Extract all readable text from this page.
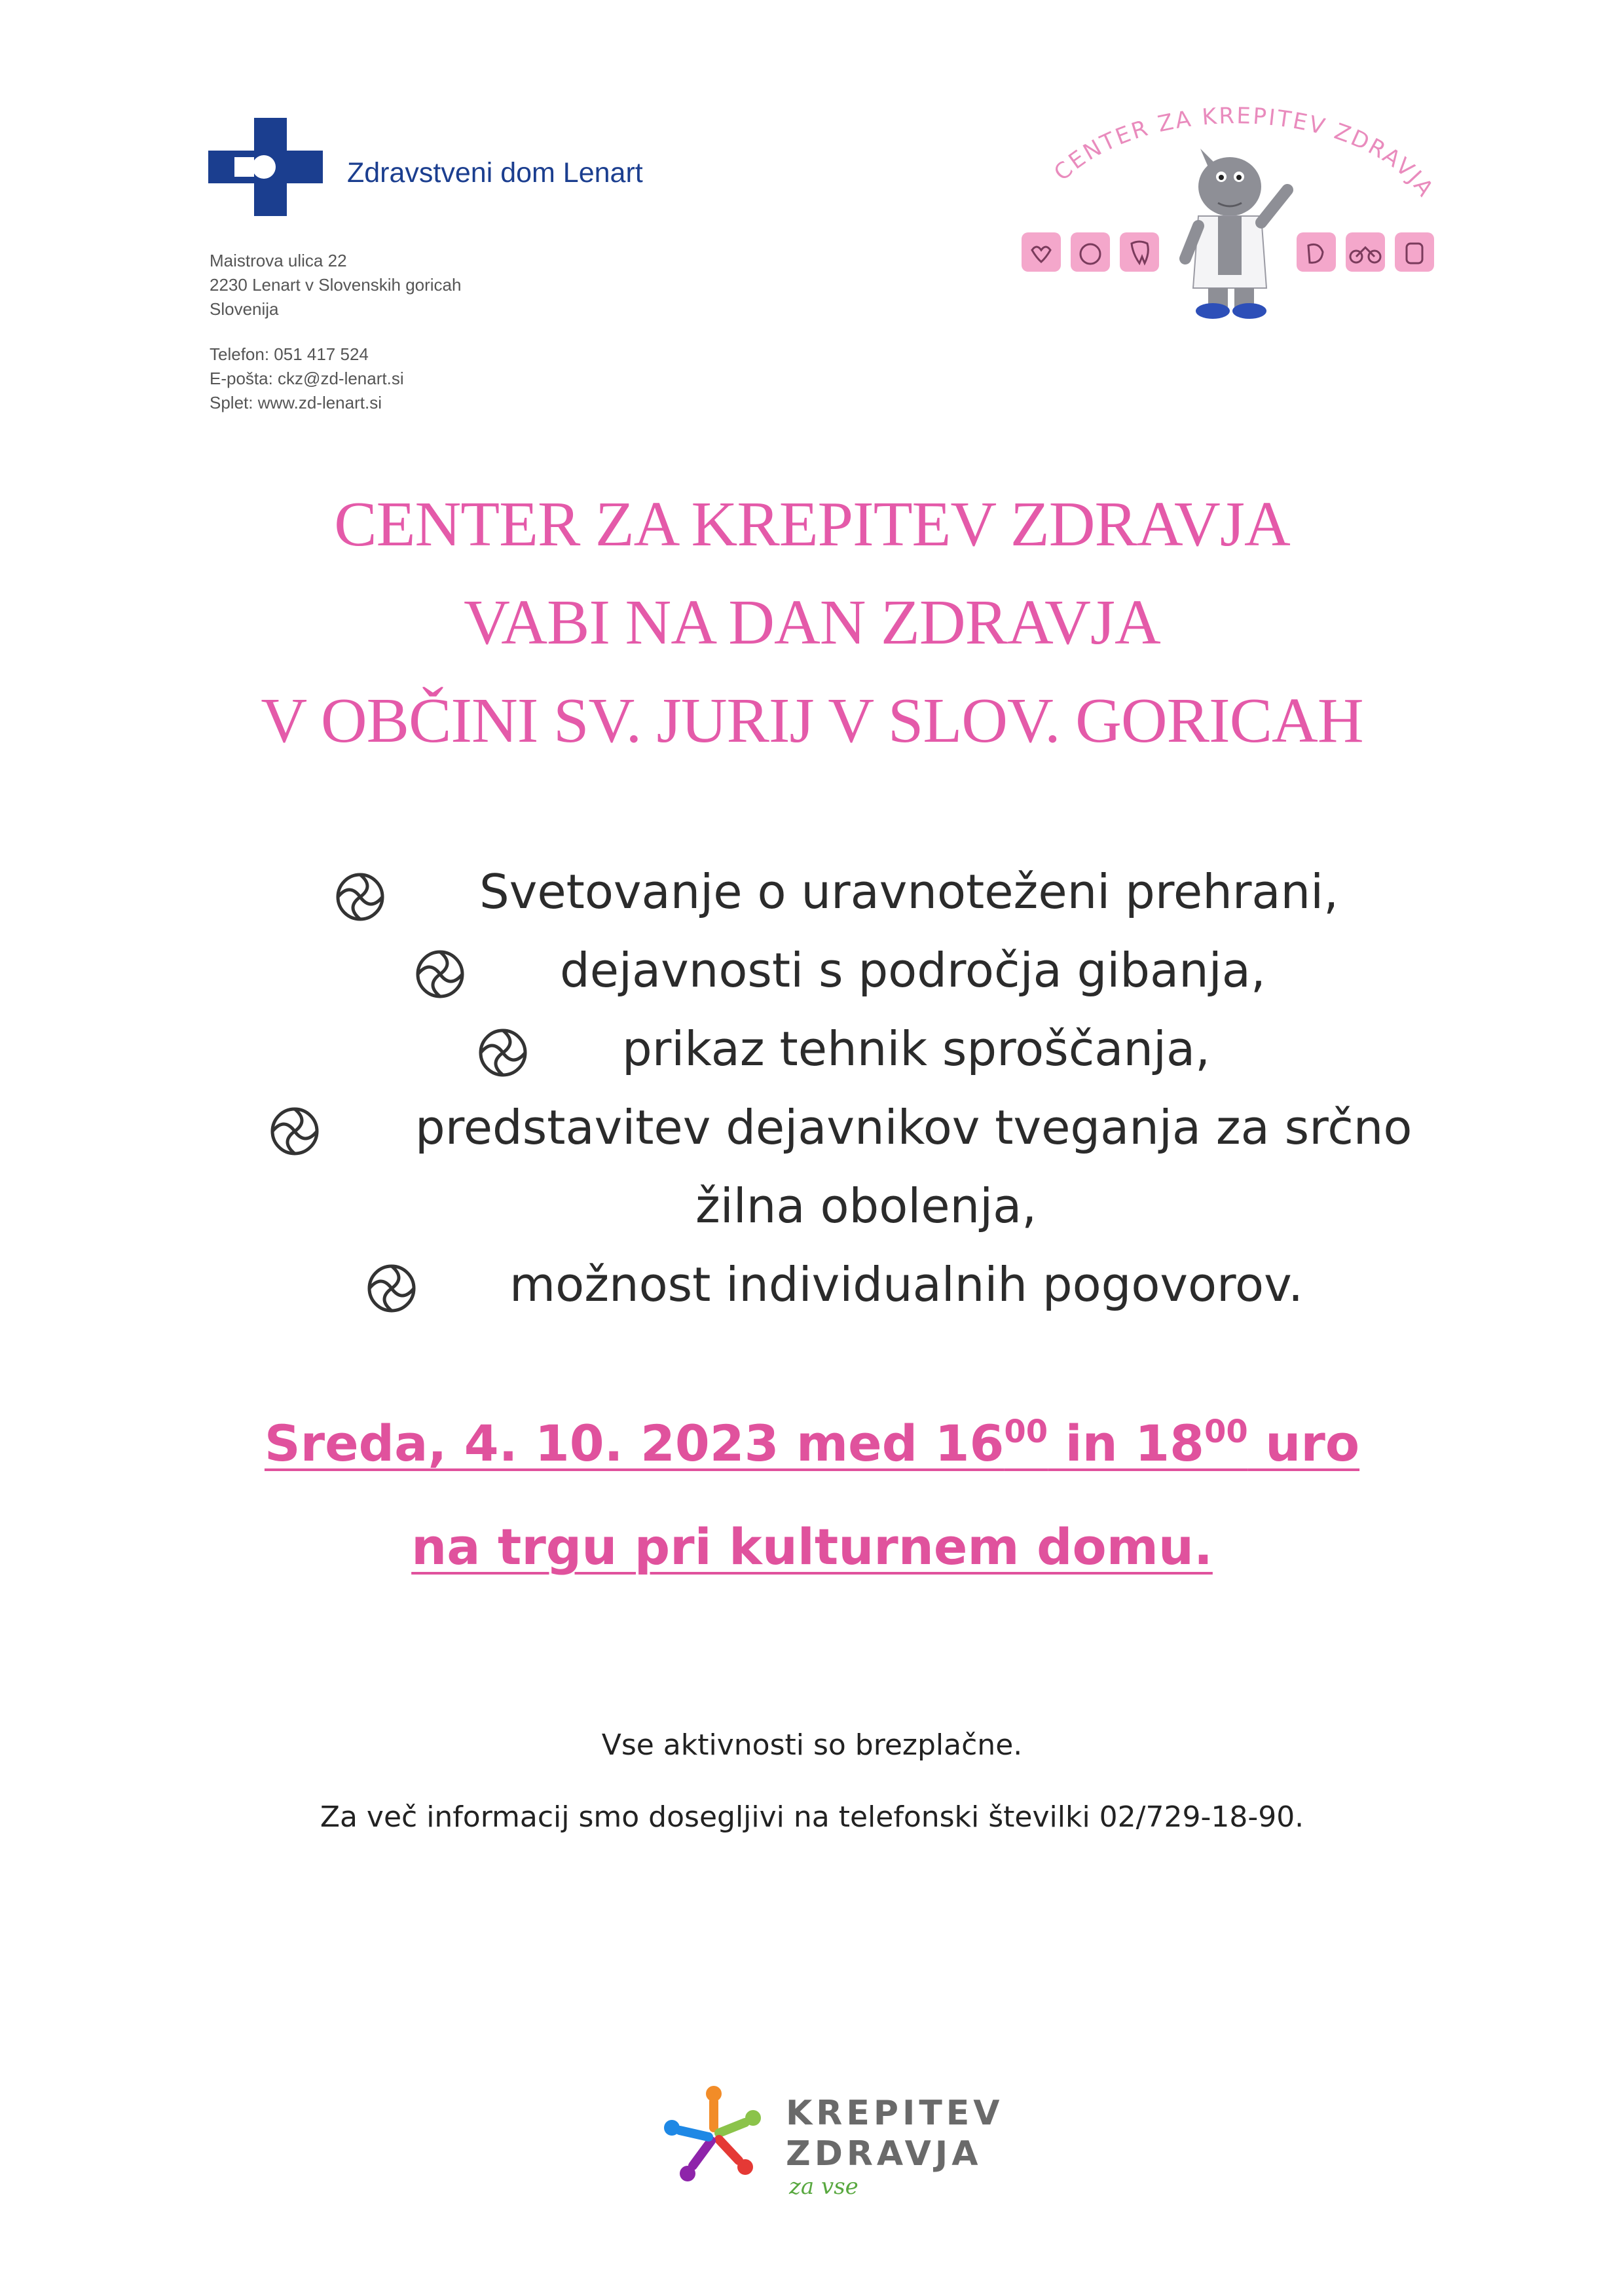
Zdravstveni dom Lenart
Maistrova ulica 22
2230 Lenart v Slovenskih goricah
Slovenija
Telefon: 051 417 524
E-pošta: ckz@zd-lenart.si
Splet: www.zd-lenart.si
CENTER ZA KREPITEV ZDRAVJA
CENTER ZA KREPITEV ZDRAVJA
VABI NA DAN ZDRAVJA
V OBČINI SV. JURIJ V SLOV. GORICAH
Svetovanje o uravnoteženi prehrani,
dejavnosti s področja gibanja,
prikaz tehnik sproščanja,
predstavitev dejavnikov tveganja za srčno
žilna obolenja,
možnost individualnih pogovorov.
Sreda, 4. 10. 2023 med $16^{00}$ in $18^{00}$ uro
na trgu pri kulturnem domu.
Vse aktivnosti so brezplačne.
Za več informacij smo dosegljivi na telefonski številki 02/729-18-90.
KREPITEV
ZDRAVJA
za vse
